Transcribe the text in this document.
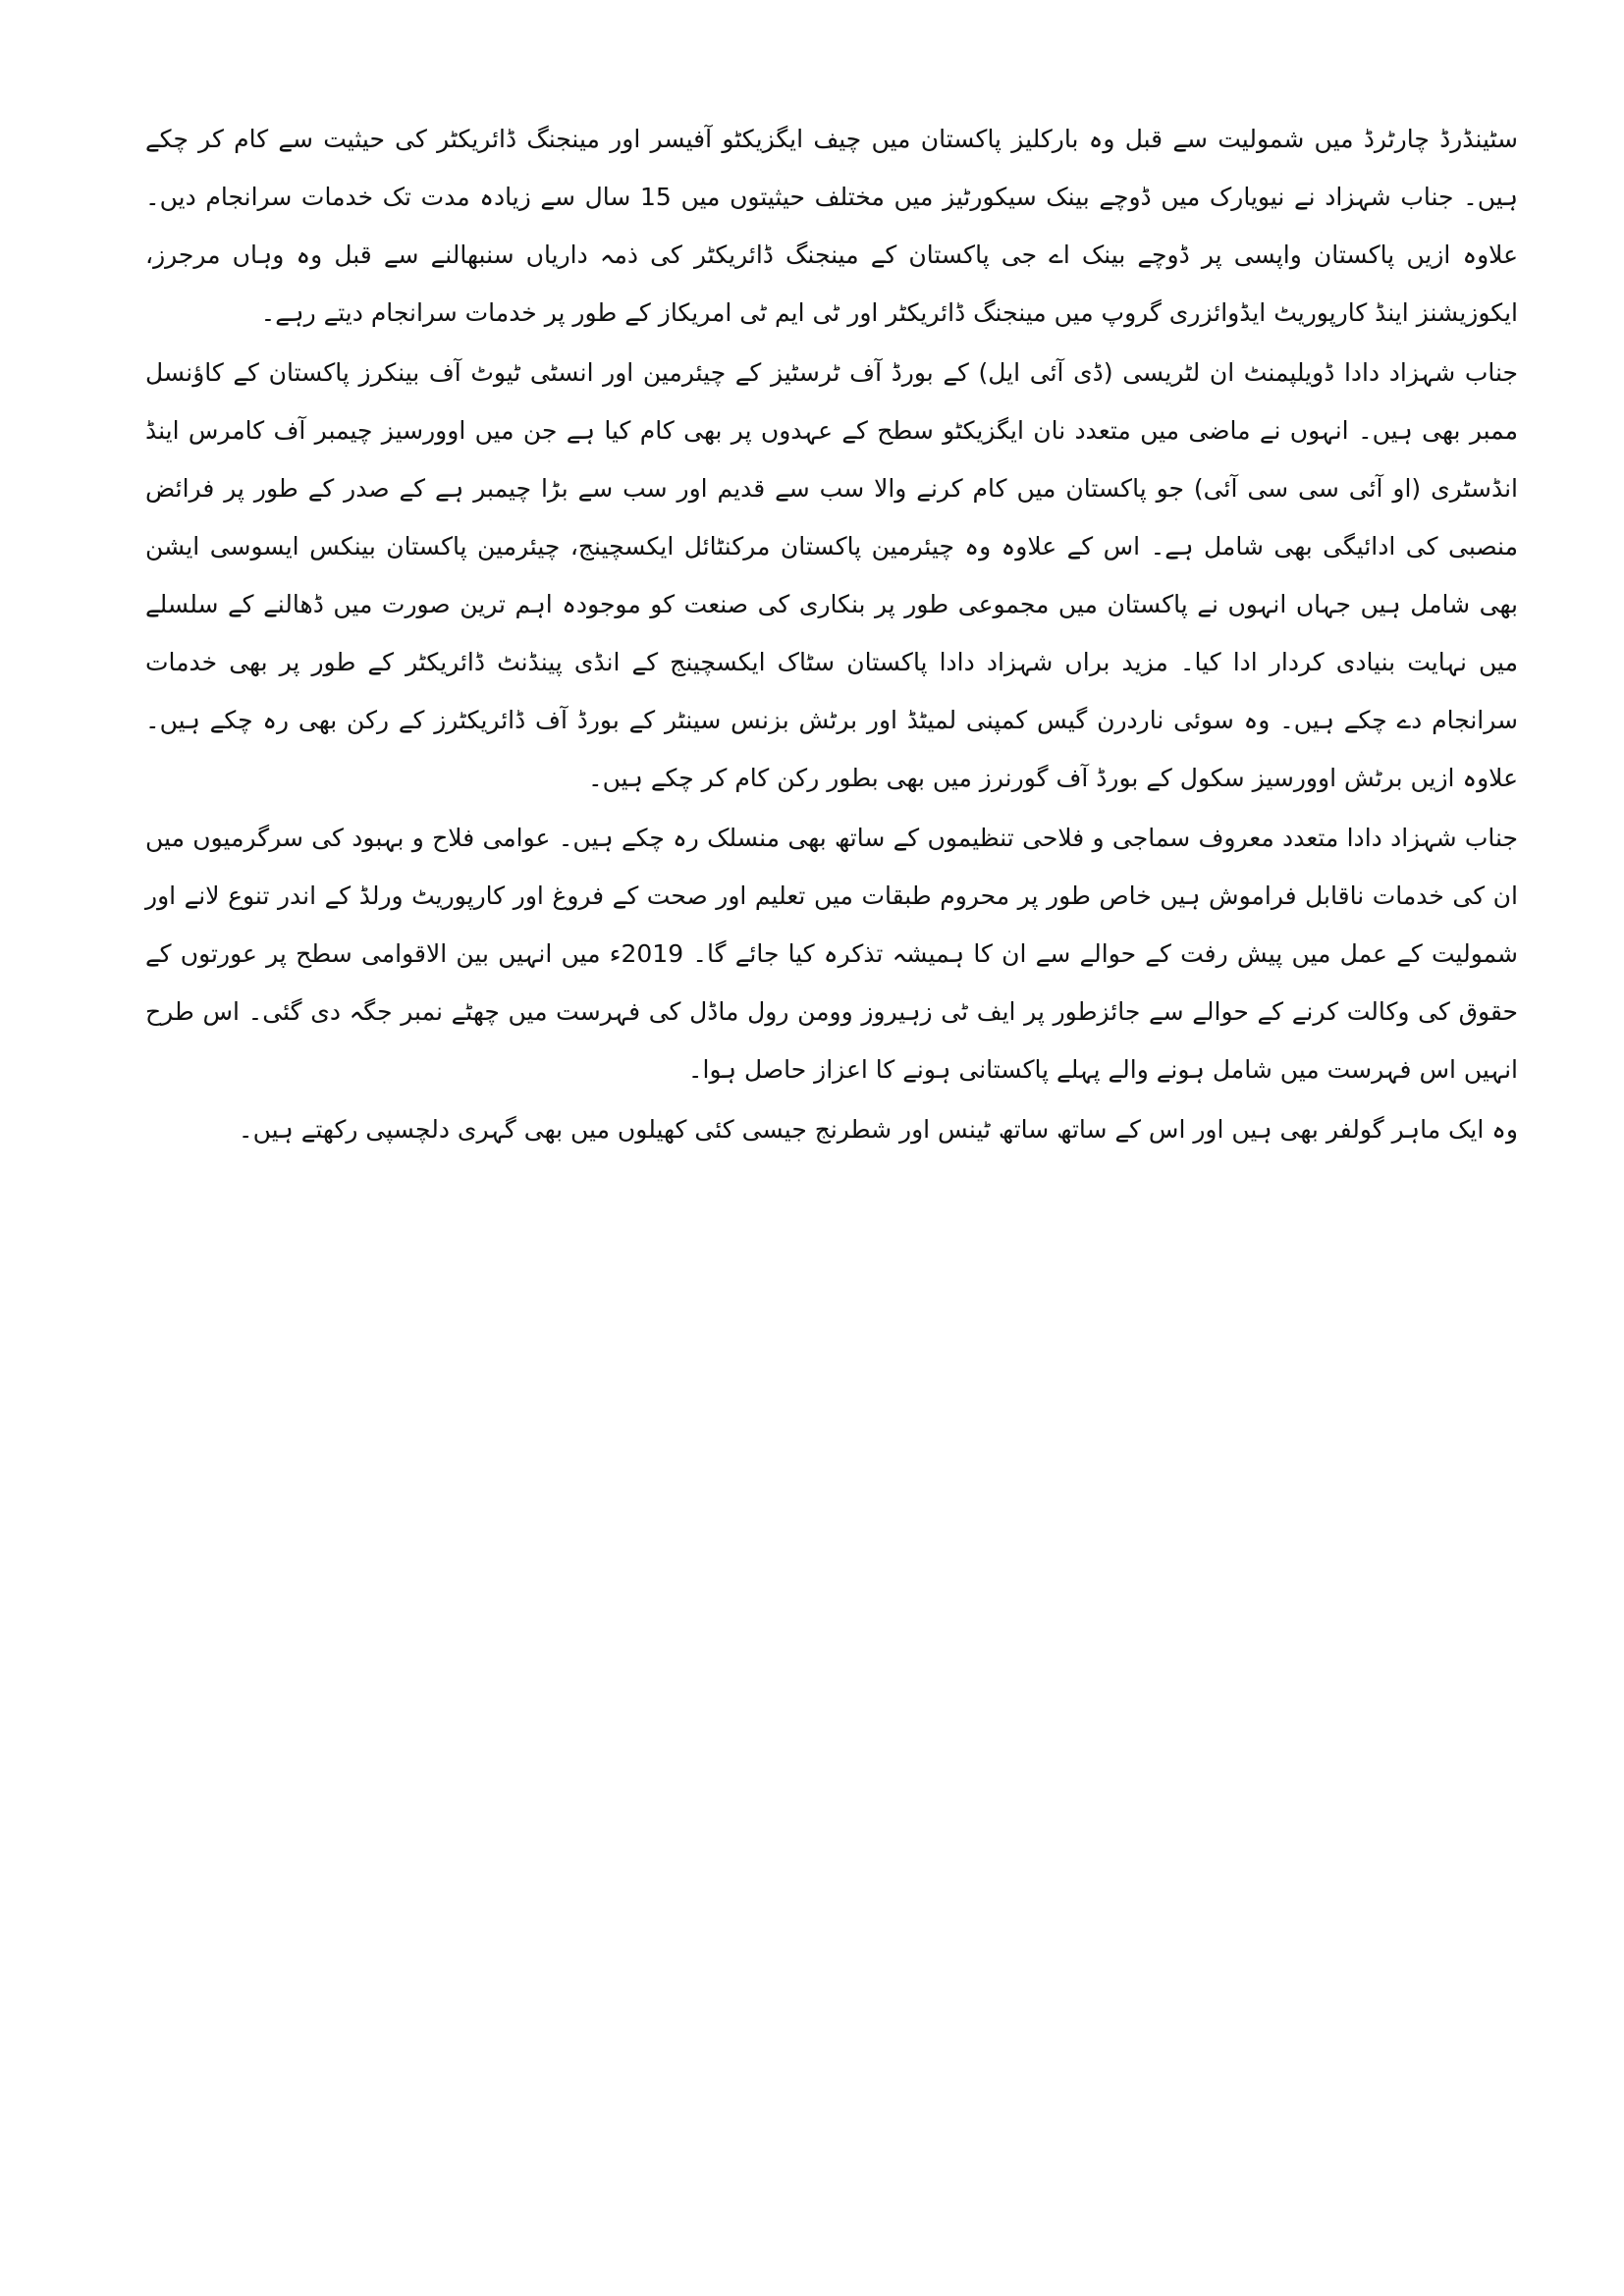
سٹینڈرڈ چارٹرڈ میں شمولیت سے قبل وہ بارکلیز پاکستان میں چیف ایگزیکٹو آفیسر اور مینجنگ ڈائریکٹر کی حیثیت سے کام کر چکے ہیں۔ جناب شہزاد نے نیویارک میں ڈوچے بینک سیکورٹیز میں مختلف حیثیتوں میں 15 سال سے زیادہ مدت تک خدمات سرانجام دیں۔ علاوہ ازیں پاکستان واپسی پر ڈوچے بینک اے جی پاکستان کے مینجنگ ڈائریکٹر کی ذمہ داریاں سنبھالنے سے قبل وہ وہاں مرجرز، ایکوزیشنز اینڈ کارپوریٹ ایڈوائزری گروپ میں مینجنگ ڈائریکٹر اور ٹی ایم ٹی امریکاز کے طور پر خدمات سرانجام دیتے رہے۔

جناب شہزاد دادا ڈویلپمنٹ ان لٹریسی (ڈی آئی ایل) کے بورڈ آف ٹرسٹیز کے چیئرمین اور انسٹی ٹیوٹ آف بینکرز پاکستان کے کاؤنسل ممبر بھی ہیں۔ انہوں نے ماضی میں متعدد نان ایگزیکٹو سطح کے عہدوں پر بھی کام کیا ہے جن میں اوورسیز چیمبر آف کامرس اینڈ انڈسٹری (او آئی سی سی آئی) جو پاکستان میں کام کرنے والا سب سے قدیم اور سب سے بڑا چیمبر ہے کے صدر کے طور پر فرائض منصبی کی ادائیگی بھی شامل ہے۔ اس کے علاوہ وہ چیئرمین پاکستان مرکنٹائل ایکسچینج، چیئرمین پاکستان بینکس ایسوسی ایشن بھی شامل ہیں جہاں انہوں نے پاکستان میں مجموعی طور پر بنکاری کی صنعت کو موجودہ اہم ترین صورت میں ڈھالنے کے سلسلے میں نہایت بنیادی کردار ادا کیا۔ مزید براں شہزاد دادا پاکستان سٹاک ایکسچینج کے انڈی پینڈنٹ ڈائریکٹر کے طور پر بھی خدمات سرانجام دے چکے ہیں۔ وہ سوئی ناردرن گیس کمپنی لمیٹڈ اور برٹش بزنس سینٹر کے بورڈ آف ڈائریکٹرز کے رکن بھی رہ چکے ہیں۔ علاوہ ازیں برٹش اوورسیز سکول کے بورڈ آف گورنرز میں بھی بطور رکن کام کر چکے ہیں۔

جناب شہزاد دادا متعدد معروف سماجی و فلاحی تنظیموں کے ساتھ بھی منسلک رہ چکے ہیں۔ عوامی فلاح و بہبود کی سرگرمیوں میں ان کی خدمات ناقابل فراموش ہیں خاص طور پر محروم طبقات میں تعلیم اور صحت کے فروغ اور کارپوریٹ ورلڈ کے اندر تنوع لانے اور شمولیت کے عمل میں پیش رفت کے حوالے سے ان کا ہمیشہ تذکرہ کیا جائے گا۔ 2019ء میں انہیں بین الاقوامی سطح پر عورتوں کے حقوق کی وکالت کرنے کے حوالے سے جائزطور پر ایف ٹی زہیروز وومن رول ماڈل کی فہرست میں چھٹے نمبر جگہ دی گئی۔ اس طرح انہیں اس فہرست میں شامل ہونے والے پہلے پاکستانی ہونے کا اعزاز حاصل ہوا۔

وہ ایک ماہر گولفر بھی ہیں اور اس کے ساتھ ساتھ ٹینس اور شطرنج جیسی کئی کھیلوں میں بھی گہری دلچسپی رکھتے ہیں۔
